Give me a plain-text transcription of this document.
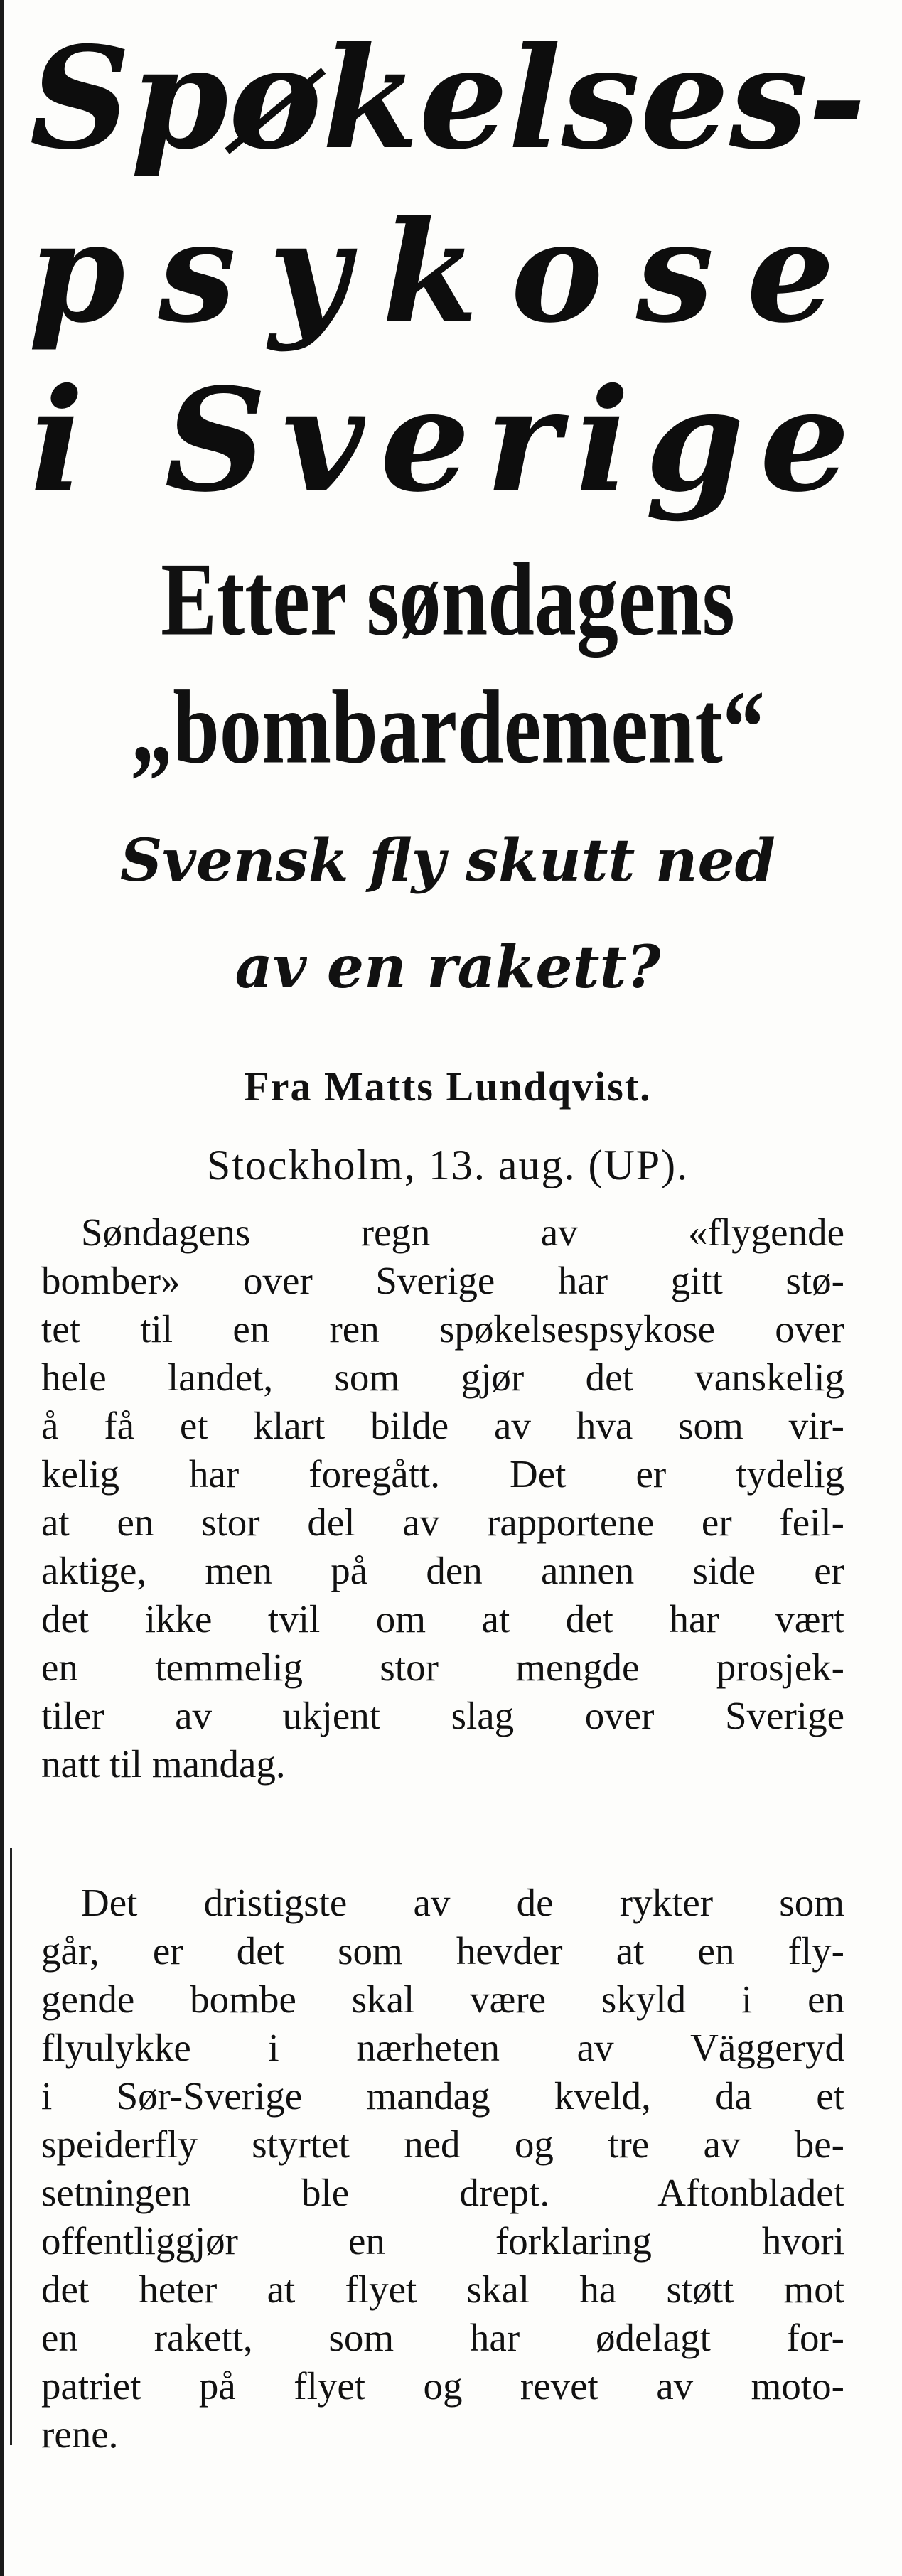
Spøkelses-
psykose
i Sverige
Etter søndagens
„bombardement“
Svensk fly skutt ned
av en rakett?
Fra Matts Lundqvist.
Stockholm, 13. aug. (UP).
Søndagens regn av «flygende
bomber» over Sverige har gitt stø-
tet til en ren spøkelsespsykose over
hele landet, som gjør det vanskelig
å få et klart bilde av hva som vir-
kelig har foregått. Det er tydelig
at en stor del av rapportene er feil-
aktige, men på den annen side er
det ikke tvil om at det har vært
en temmelig stor mengde prosjek-
tiler av ukjent slag over Sverige
natt til mandag.
Det dristigste av de rykter som
går, er det som hevder at en fly-
gende bombe skal være skyld i en
flyulykke i nærheten av Väggeryd
i Sør-Sverige mandag kveld, da et
speiderfly styrtet ned og tre av be-
setningen ble drept. Aftonbladet
offentliggjør en forklaring hvori
det heter at flyet skal ha støtt mot
en rakett, som har ødelagt for-
patriet på flyet og revet av moto-
rene.
